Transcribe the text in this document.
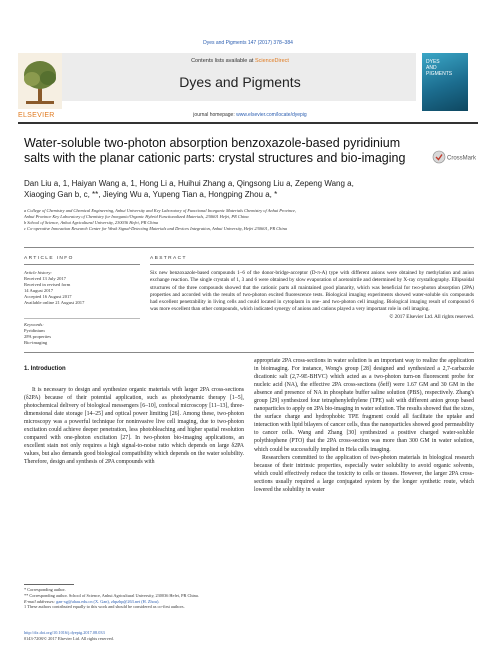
Dyes and Pigments 147 (2017) 378–384
Contents lists available at ScienceDirect
Dyes and Pigments
DYES
AND
PIGMENTS
ELSEVIER	journal homepage: www.elsevier.com/locate/dyepig
Water-soluble two-photon absorption benzoxazole-based pyridinium
salts with the planar cationic parts: crystal structures and bio-imaging	CrossMark
Dan Liu a, 1, Haiyan Wang a, 1, Hong Li a, Huihui Zhang a, Qingsong Liu a, Zepeng Wang a,
Xiaoging Gan b, c, **, Jieying Wu a, Yupeng Tian a, Hongping Zhou a, *
a College of Chemistry and Chemical Engineering, Anhui University and Key Laboratory of Functional Inorganic Materials Chemistry of Anhui Province,
Anhui Province Key Laboratory of Chemistry for Inorganic/Organic Hybrid Functionalized Materials, 230601 Hefei, PR China
b School of Science, Anhui Agricultural University, 230036 Hefei, PR China
c Co-operative Innovation Research Center for Weak Signal-Detecting Materials and Devices Integration, Anhui University, Hefei 230601, PR China
ARTICLE INFO	ABSTRACT
Article history:
Received 13 July 2017
Received in revised form
14 August 2017
Accepted 16 August 2017
Available online 21 August 2017
Keywords:
Pyridinium
2PA properties
Bio-imaging
Six new benzoxazole-based compounds 1–6 of the donor-bridge-acceptor (D-π-A) type with different anions were obtained by methylation and anion exchange reaction. The single crystals of 1, 3 and 6 were obtained by slow evaporation of acetonitrile and determined by X-ray crystallography. Ellipsoidal structures of the three compounds showed that the cationic parts all maintained good planarity, which was beneficial for two-photon absorption (2PA) properties and accorded with the results of two-photon excited fluorescence tests. Biological imaging experiments showed water-soluble six compounds had excellent penetrability in living cells and could located in cytoplasm in one- and two-photon cell imaging. Biological imaging result of compound 6 was more excellent than other compounds, which indicated synergy of anions and cations played a very important role in cell imaging.
© 2017 Elsevier Ltd. All rights reserved.
1. Introduction

It is necessary to design and synthesize organic materials with larger 2PA cross-sections (δ2PA) because of their potential application, such as photodynamic therapy [1–5], photochemical delivery of biological messengers [6–10], confocal microscopy [11–13], three-dimensional date storage [14–25] and optical power limiting [26]. Among these, two-photon microscopy was a powerful technique for noninvasive live cell imaging, due to two-photon excitation could achieve deeper penetration, less photobleaching and higher spatial resolution compared with one-photon excitation [27]. In two-photon bio-imaging applications, an excellent stain not only requires a high signal-to-noise ratio which depends on large δ2PA values, but also demands good biological compatibility which depends on the water solubility. Therefore, design and synthesis of 2PA compounds with

appropriate 2PA cross-sections in water solution is an important way to realize the application in bioimaging. For instance, Wong's group [28] designed and synthesized a 2,7-carbazole dicationic salt (2,7-9E-BHVC) which acted as a two-photon turn-on fluorescent probe for nucleic acid (NA), the effective 2PA cross-sections (δeff) were 1.67 GM and 30 GM in the absence and presence of NA in phosphate buffer saline solution (PBS), respectively. Zhang's group [29] synthesized four tetraphenylethylene (TPE) salt with different anion group based nanoparticles to apply on 2PA bio-imaging in water solution. The results showed that the sizes, the surface charge and hydrophobic TPE fragment could all facilitate the uptake and interaction with lipid bilayers of cancer cells, thus the nanoparticles showed good permeability to cancer cells. Wang and Zhang [30] synthesized a positive charged water-soluble polythiophene (PTO) that the 2PA cross-section was more than 300 GM in water solution, which could be successfully implied in Hela cells imaging.

Researchers committed to the application of two-photon materials in biological research because of their intrinsic properties, especially water solubility to avoid organic solvents, which could effectively reduce the toxicity to cells or tissues. However, the larger 2PA cross-sections usually required a large conjugated system by the longer synthetic route, which lowered the solubility in water

* Corresponding author.
** Corresponding author. School of Science, Anhui Agricultural University, 230036 Hefei, PR China.
E-mail addresses: gan-xg@ahau.edu.cn (X. Gan), zhpzhp@263.net (H. Zhou).
1 These authors contributed equally to this work and should be considered as co-first authors.
http://dx.doi.org/10.1016/j.dyepig.2017.08.033
0143-7208/© 2017 Elsevier Ltd. All rights reserved.
